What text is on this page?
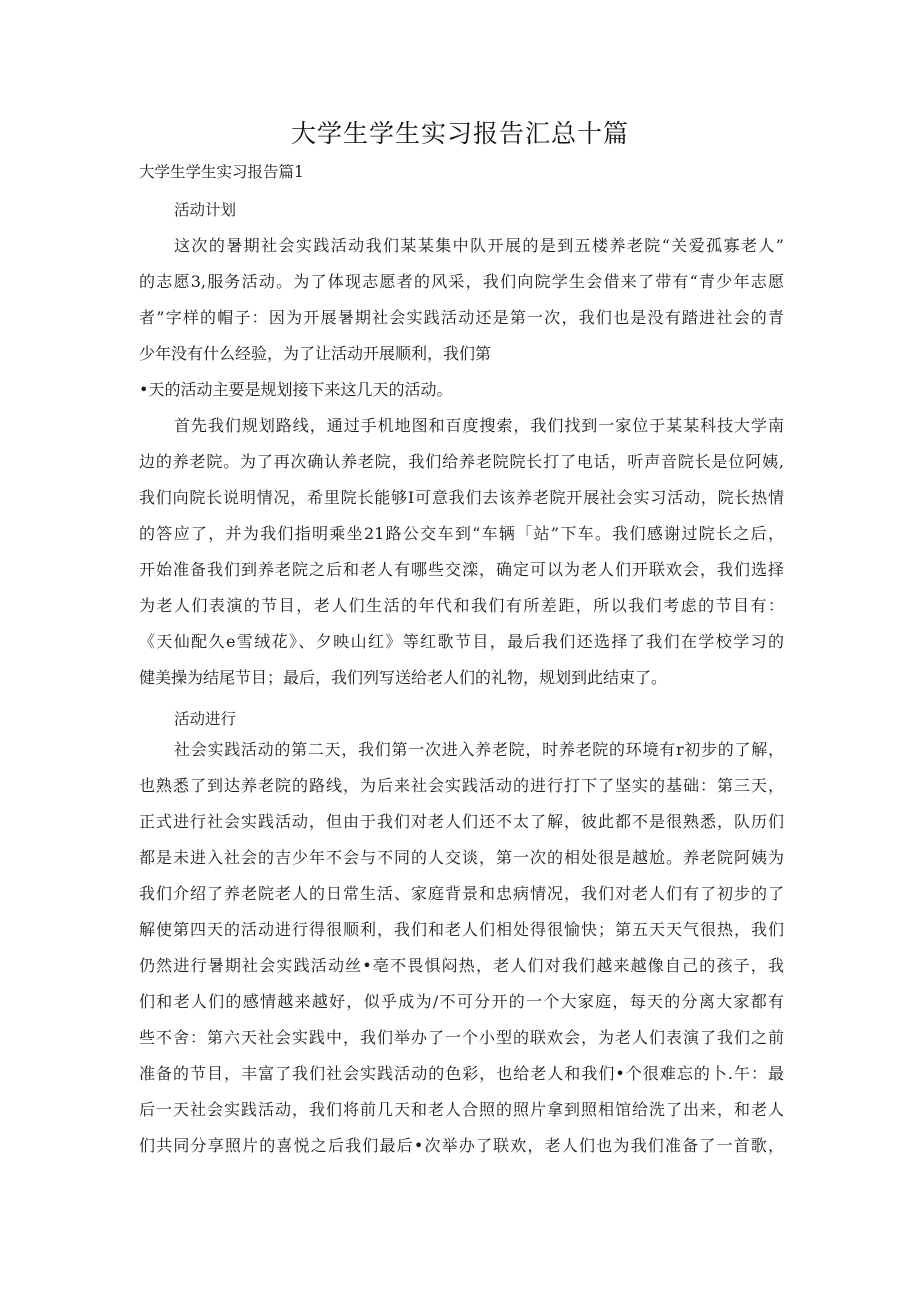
大学生学生实习报告汇总十篇
大学生学生实习报告篇1
活动计划
这次的暑期社会实践活动我们某某集中队开展的是到五楼养老院“关爱孤寡老人”
的志愿3,服务活动。为了体现志愿者的风采，我们向院学生会借来了带有“青少年志愿
者”字样的帽子：因为开展暑期社会实践活动还是第一次，我们也是没有踏进社会的青
少年没有什么经验，为了让活动开展顺利，我们第
•天的活动主要是规划接下来这几天的活动。
首先我们规划路线，通过手机地图和百度搜索，我们找到一家位于某某科技大学南
边的养老院。为了再次确认养老院，我们给养老院院长打了电话，听声音院长是位阿姨,
我们向院长说明情况，希里院长能够I可意我们去该养老院开展社会实习活动，院长热情
的答应了，并为我们指明乘坐21路公交车到“车辆「站”下车。我们感谢过院长之后，
开始准备我们到养老院之后和老人有哪些交滦，确定可以为老人们开联欢会，我们选择
为老人们表演的节目，老人们生活的年代和我们有所差距，所以我们考虑的节目有：
《天仙配久e雪绒花》、夕映山红》等红歌节目，最后我们还选择了我们在学校学习的
健美操为结尾节目；最后，我们列写送给老人们的礼物，规划到此结束了。
活动进行
社会实践活动的第二天，我们第一次进入养老院，时养老院的环境有r初步的了解，
也熟悉了到达养老院的路线，为后来社会实践活动的进行打下了坚实的基础：第三天，
正式进行社会实践活动，但由于我们对老人们还不太了解，彼此都不是很熟悉，队历们
都是未进入社会的吉少年不会与不同的人交谈，第一次的相处很是越尬。养老院阿姨为
我们介绍了养老院老人的日常生活、家庭背景和忠病情况，我们对老人们有了初步的了
解使第四天的活动进行得很顺利，我们和老人们相处得很愉快；第五天天气很热，我们
仍然进行暑期社会实践活动丝•亳不畏惧闷热，老人们对我们越来越像自己的孩子，我
们和老人们的感情越来越好，似乎成为/不可分开的一个大家庭，每天的分离大家都有
些不舍：第六天社会实践中，我们举办了一个小型的联欢会，为老人们表演了我们之前
准备的节目，丰富了我们社会实践活动的色彩，也给老人和我们•个很难忘的卜.午：最
后一天社会实践活动，我们将前几天和老人合照的照片拿到照相馆给洗了出来，和老人
们共同分享照片的喜悦之后我们最后•次举办了联欢，老人们也为我们准备了一首歌，
